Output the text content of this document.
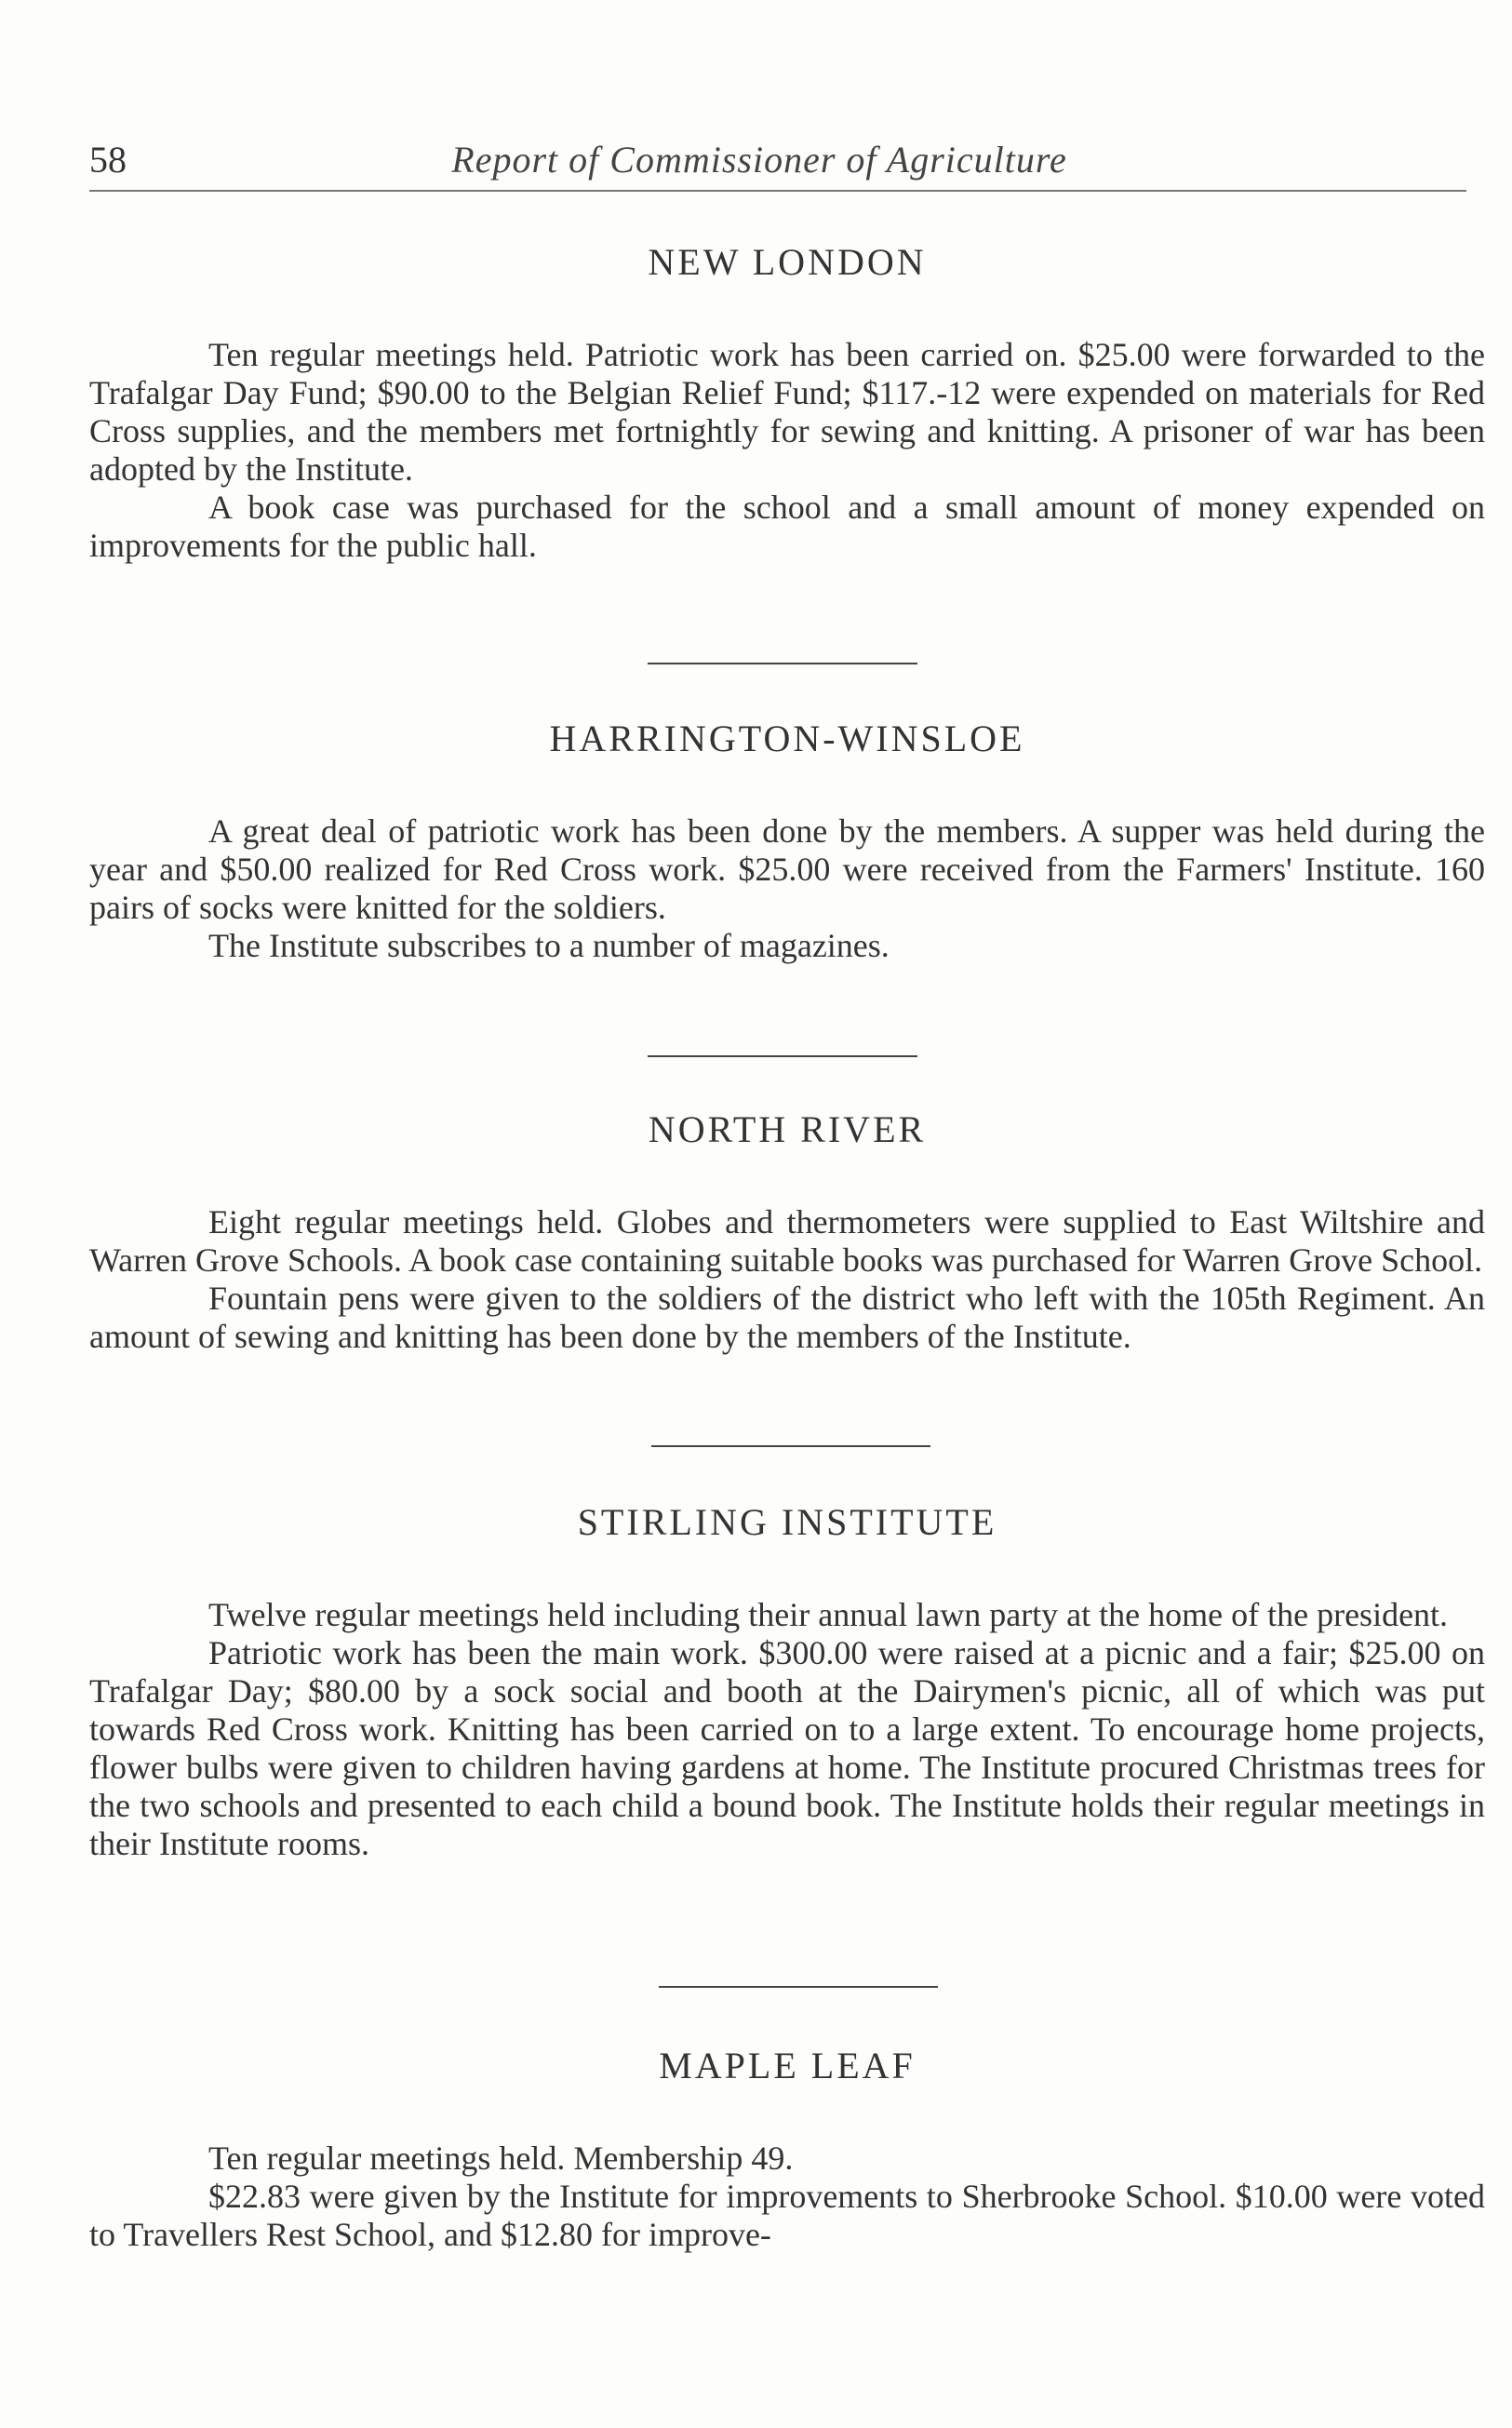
58	Report of Commissioner of Agriculture
NEW LONDON

Ten regular meetings held. Patriotic work has been carried on. $25.00 were forwarded to the Trafalgar Day Fund; $90.00 to the Belgian Relief Fund; $117.-12 were expended on materials for Red Cross supplies, and the members met fortnightly for sewing and knitting. A prisoner of war has been adopted by the Institute.

A book case was purchased for the school and a small amount of money expended on improvements for the public hall.

HARRINGTON-WINSLOE

A great deal of patriotic work has been done by the members. A supper was held during the year and $50.00 realized for Red Cross work. $25.00 were received from the Farmers' Institute. 160 pairs of socks were knitted for the soldiers.

The Institute subscribes to a number of magazines.

NORTH RIVER

Eight regular meetings held. Globes and thermometers were supplied to East Wiltshire and Warren Grove Schools. A book case containing suitable books was purchased for Warren Grove School.

Fountain pens were given to the soldiers of the district who left with the 105th Regiment. An amount of sewing and knitting has been done by the members of the Institute.

STIRLING INSTITUTE

Twelve regular meetings held including their annual lawn party at the home of the president.

Patriotic work has been the main work. $300.00 were raised at a picnic and a fair; $25.00 on Trafalgar Day; $80.00 by a sock social and booth at the Dairymen's picnic, all of which was put towards Red Cross work. Knitting has been carried on to a large extent. To encourage home projects, flower bulbs were given to children having gardens at home. The Institute procured Christmas trees for the two schools and presented to each child a bound book. The Institute holds their regular meetings in their Institute rooms.

MAPLE LEAF

Ten regular meetings held. Membership 49.

$22.83 were given by the Institute for improvements to Sherbrooke School. $10.00 were voted to Travellers Rest School, and $12.80 for improve-
